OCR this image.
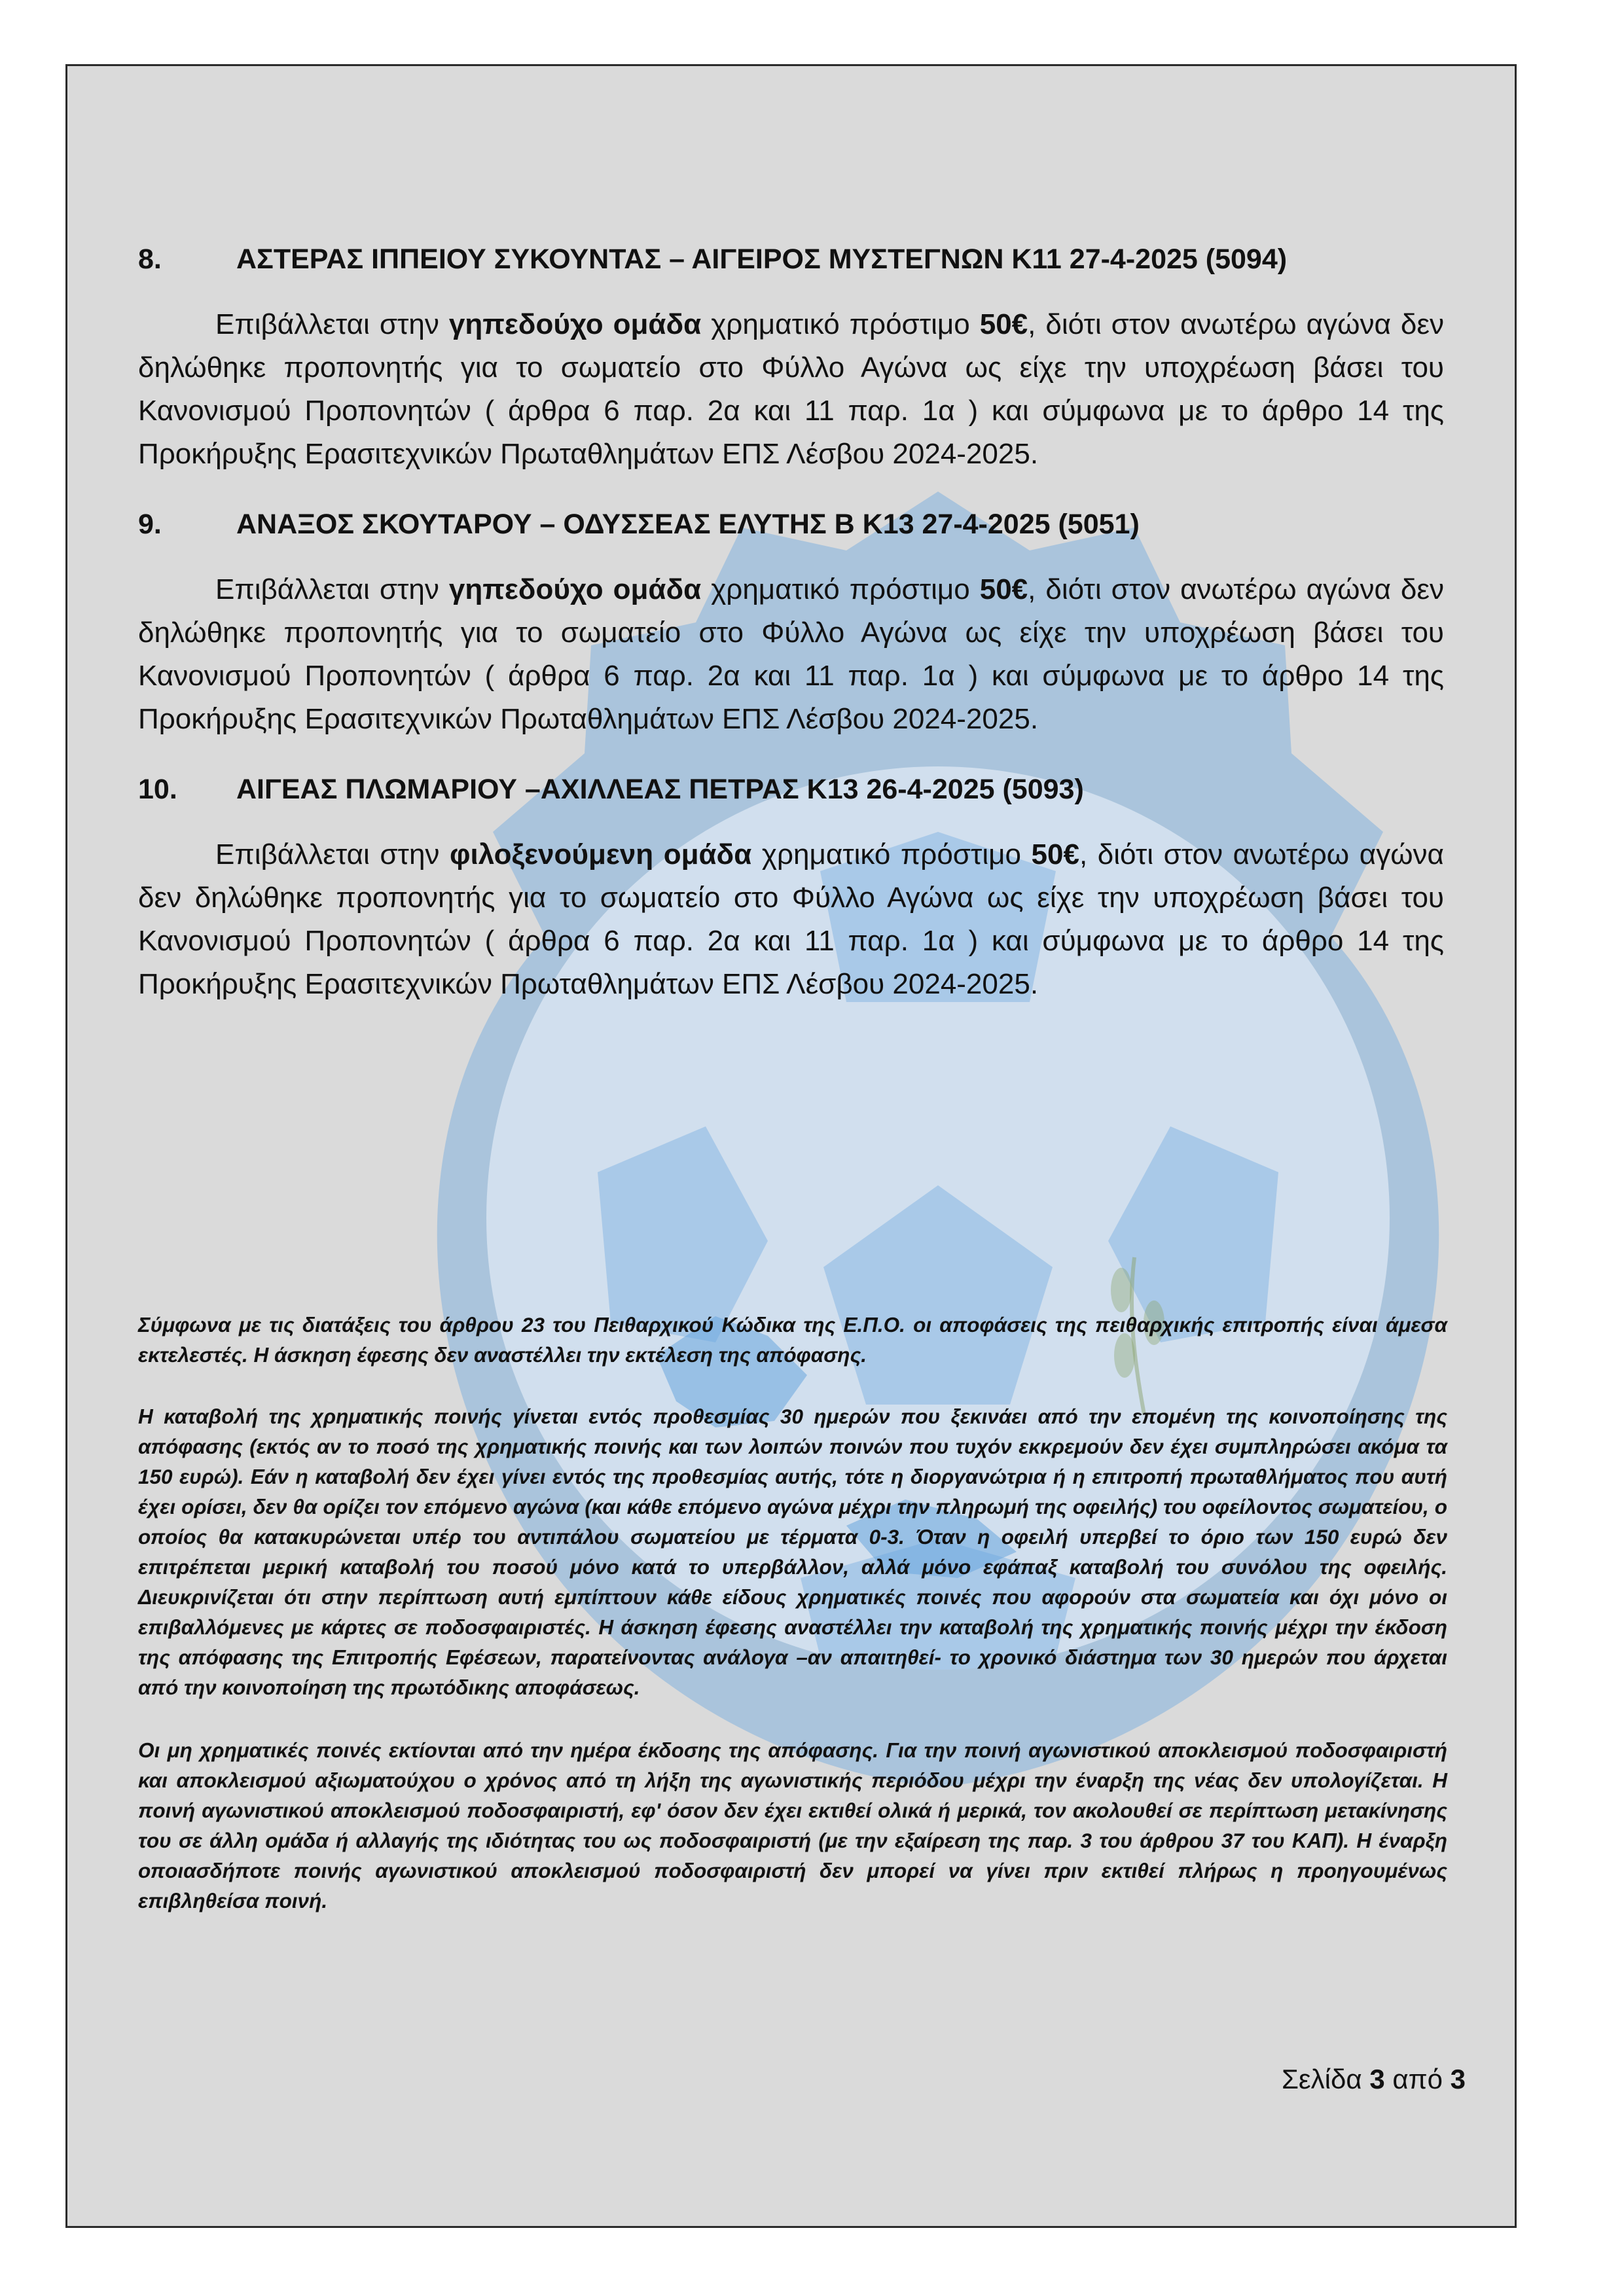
8.	ΑΣΤΕΡΑΣ ΙΠΠΕΙΟΥ ΣΥΚΟΥΝΤΑΣ – ΑΙΓΕΙΡΟΣ ΜΥΣΤΕΓΝΩΝ Κ11 27-4-2025 (5094)
Επιβάλλεται στην γηπεδούχο ομάδα χρηματικό πρόστιμο 50€, διότι στον ανωτέρω αγώνα δεν δηλώθηκε προπονητής για το σωματείο στο Φύλλο Αγώνα ως είχε την υποχρέωση βάσει του Κανονισμού Προπονητών ( άρθρα 6 παρ. 2α και 11 παρ. 1α ) και σύμφωνα με το άρθρο 14 της Προκήρυξης Ερασιτεχνικών Πρωταθλημάτων ΕΠΣ Λέσβου 2024-2025.
9.	ΑΝΑΞΟΣ ΣΚΟΥΤΑΡΟΥ – ΟΔΥΣΣΕΑΣ ΕΛΥΤΗΣ Β Κ13 27-4-2025 (5051)
Επιβάλλεται στην γηπεδούχο ομάδα χρηματικό πρόστιμο 50€, διότι στον ανωτέρω αγώνα δεν δηλώθηκε προπονητής για το σωματείο στο Φύλλο Αγώνα ως είχε την υποχρέωση βάσει του Κανονισμού Προπονητών ( άρθρα 6 παρ. 2α και 11 παρ. 1α ) και σύμφωνα με το άρθρο 14 της Προκήρυξης Ερασιτεχνικών Πρωταθλημάτων ΕΠΣ Λέσβου 2024-2025.
10. ΑΙΓΕΑΣ ΠΛΩΜΑΡΙΟΥ –ΑΧΙΛΛΕΑΣ ΠΕΤΡΑΣ Κ13 26-4-2025 (5093)
Επιβάλλεται στην φιλοξενούμενη ομάδα χρηματικό πρόστιμο 50€, διότι στον ανωτέρω αγώνα δεν δηλώθηκε προπονητής για το σωματείο στο Φύλλο Αγώνα ως είχε την υποχρέωση βάσει του Κανονισμού Προπονητών ( άρθρα 6 παρ. 2α και 11 παρ. 1α ) και σύμφωνα με το άρθρο 14 της Προκήρυξης Ερασιτεχνικών Πρωταθλημάτων ΕΠΣ Λέσβου 2024-2025.
Σύμφωνα με τις διατάξεις του άρθρου 23 του Πειθαρχικού Κώδικα της Ε.Π.Ο. οι αποφάσεις της πειθαρχικής επιτροπής είναι άμεσα εκτελεστές. Η άσκηση έφεσης δεν αναστέλλει την εκτέλεση της απόφασης.
Η καταβολή της χρηματικής ποινής γίνεται εντός προθεσμίας 30 ημερών που ξεκινάει από την επομένη της κοινοποίησης της απόφασης (εκτός αν το ποσό της χρηματικής ποινής και των λοιπών ποινών που τυχόν εκκρεμούν δεν έχει συμπληρώσει ακόμα τα 150 ευρώ). Εάν η καταβολή δεν έχει γίνει εντός της προθεσμίας αυτής, τότε η διοργανώτρια ή η επιτροπή πρωταθλήματος που αυτή έχει ορίσει, δεν θα ορίζει τον επόμενο αγώνα (και κάθε επόμενο αγώνα μέχρι την πληρωμή της οφειλής) του οφείλοντος σωματείου, ο οποίος θα κατακυρώνεται υπέρ του αντιπάλου σωματείου με τέρματα 0-3. Όταν η οφειλή υπερβεί το όριο των 150 ευρώ δεν επιτρέπεται μερική καταβολή του ποσού μόνο κατά το υπερβάλλον, αλλά μόνο εφάπαξ καταβολή του συνόλου της οφειλής. Διευκρινίζεται ότι στην περίπτωση αυτή εμπίπτουν κάθε είδους χρηματικές ποινές που αφορούν στα σωματεία και όχι μόνο οι επιβαλλόμενες με κάρτες σε ποδοσφαιριστές. Η άσκηση έφεσης αναστέλλει την καταβολή της χρηματικής ποινής μέχρι την έκδοση της απόφασης της Επιτροπής Εφέσεων, παρατείνοντας ανάλογα –αν απαιτηθεί- το χρονικό διάστημα των 30 ημερών που άρχεται από την κοινοποίηση της πρωτόδικης αποφάσεως.
Οι μη χρηματικές ποινές εκτίονται από την ημέρα έκδοσης της απόφασης. Για την ποινή αγωνιστικού αποκλεισμού ποδοσφαιριστή και αποκλεισμού αξιωματούχου ο χρόνος από τη λήξη της αγωνιστικής περιόδου μέχρι την έναρξη της νέας δεν υπολογίζεται. Η ποινή αγωνιστικού αποκλεισμού ποδοσφαιριστή, εφ' όσον δεν έχει εκτιθεί ολικά ή μερικά, τον ακολουθεί σε περίπτωση μετακίνησης του σε άλλη ομάδα ή αλλαγής της ιδιότητας του ως ποδοσφαιριστή (με την εξαίρεση της παρ. 3 του άρθρου 37 του ΚΑΠ). Η έναρξη οποιασδήποτε ποινής αγωνιστικού αποκλεισμού ποδοσφαιριστή δεν μπορεί να γίνει πριν εκτιθεί πλήρως η προηγουμένως επιβληθείσα ποινή.
Σελίδα 3 από 3
